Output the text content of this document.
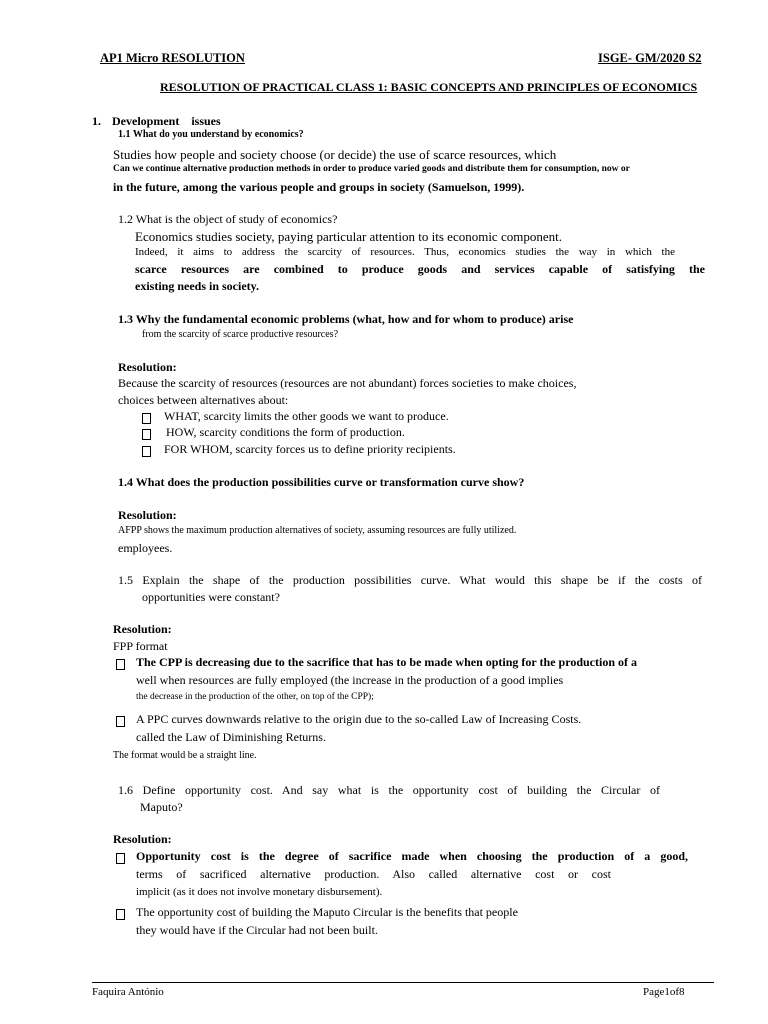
AP1 Micro RESOLUTION	ISGE- GM/2020 S2
RESOLUTION OF PRACTICAL CLASS 1: BASIC CONCEPTS AND PRINCIPLES OF ECONOMICS
1. Development    issues
1.1 What do you understand by economics?
Studies how people and society choose (or decide) the use of scarce resources, which
Can we continue alternative production methods in order to produce varied goods and distribute them for consumption, now or
in the future, among the various people and groups in society (Samuelson, 1999).
1.2 What is the object of study of economics?
Economics studies society, paying particular attention to its economic component.
Indeed, it aims to address the scarcity of resources. Thus, economics studies the way in which the
scarce resources are combined to produce goods and services capable of satisfying the
existing needs in society.
1.3 Why the fundamental economic problems (what, how and for whom to produce) arise
from the scarcity of scarce productive resources?
Resolution:
Because the scarcity of resources (resources are not abundant) forces societies to make choices,
choices between alternatives about:
WHAT, scarcity limits the other goods we want to produce.
HOW, scarcity conditions the form of production.
FOR WHOM, scarcity forces us to define priority recipients.
1.4 What does the production possibilities curve or transformation curve show?
Resolution:
AFPP shows the maximum production alternatives of society, assuming resources are fully utilized.
employees.
1.5 Explain the shape of the production possibilities curve. What would this shape be if the costs of
opportunities were constant?
Resolution:
FPP format
The CPP is decreasing due to the sacrifice that has to be made when opting for the production of a
well when resources are fully employed (the increase in the production of a good implies
the decrease in the production of the other, on top of the CPP);
A PPC curves downwards relative to the origin due to the so-called Law of Increasing Costs.
called the Law of Diminishing Returns.
The format would be a straight line.
1.6 Define opportunity cost. And say what is the opportunity cost of building the Circular of
Maputo?
Resolution:
Opportunity cost is the degree of sacrifice made when choosing the production of a good,
terms of sacrificed alternative production. Also called alternative cost or cost
implicit (as it does not involve monetary disbursement).
The opportunity cost of building the Maputo Circular is the benefits that people
they would have if the Circular had not been built.
Faquira António	Page1of8
